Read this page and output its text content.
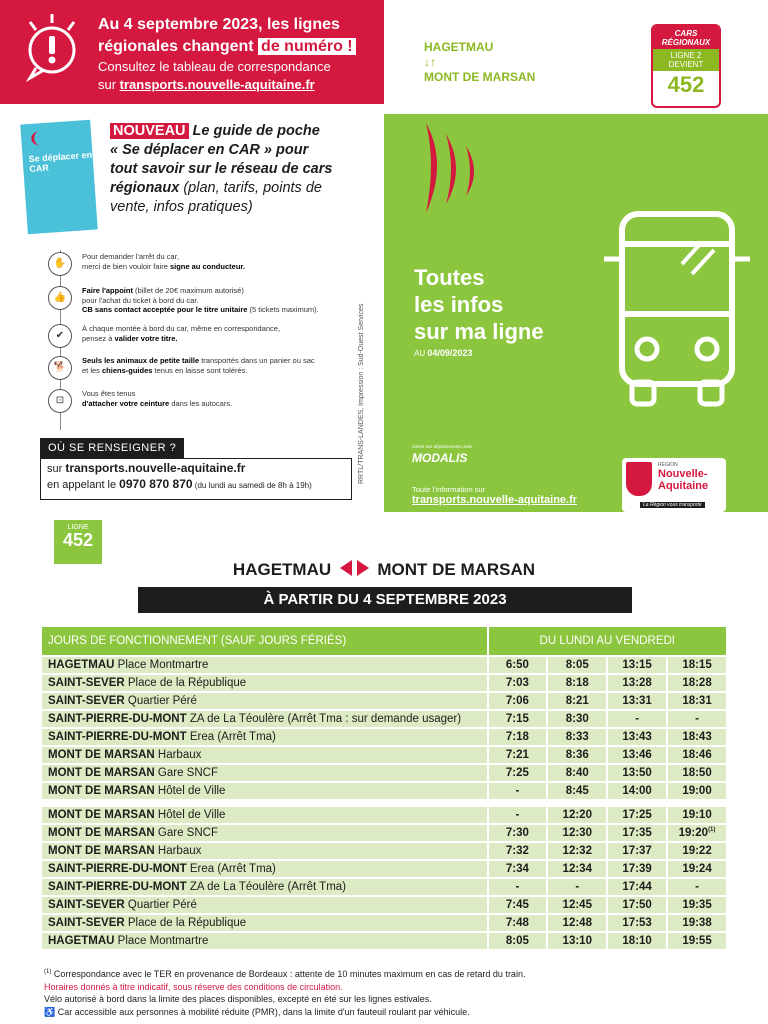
Au 4 septembre 2023, les lignes
régionales changent de numéro !
Consultez le tableau de correspondance
sur transports.nouvelle-aquitaine.fr
HAGETMAU
↓↑
MONT DE MARSAN
CARS
RÉGIONAUX
LIGNE 2
DEVIENT
452
Se déplacer en CAR
NOUVEAU Le guide de poche
« Se déplacer en CAR » pour
tout savoir sur le réseau de cars
régionaux (plan, tarifs, points de
vente, infos pratiques)
✋
Pour demander l'arrêt du car,
merci de bien vouloir faire signe au conducteur.
👍
Faire l'appoint (billet de 20€ maximum autorisé)
pour l'achat du ticket à bord du car.
CB sans contact acceptée pour le titre unitaire (5 tickets maximum).
✔
À chaque montée à bord du car, même en correspondance,
pensez à valider votre titre.
🐕
Seuls les animaux de petite taille transportés dans un panier ou sac
et les chiens-guides tenus en laisse sont tolérés.
⊡
Vous êtes tenus
d'attacher votre ceinture dans les autocars.
OÙ SE RENSEIGNER ?
sur transports.nouvelle-aquitaine.fr
en appelant le 0970 870 870 (du lundi au samedi de 8h à 19h)
RRTL/TRANS-LANDES, Impression : Sud-Ouest Services
Toutes
les infos
sur ma ligne
AU 04/09/2023
Gérez vos déplacements avec
MODALIS
Toute l'information sur
transports.nouvelle-aquitaine.fr
RÉGION
Nouvelle-
Aquitaine
La Région vous transporte
LIGNE
452
HAGETMAU	MONT DE MARSAN
À PARTIR DU 4 SEPTEMBRE 2023
JOURS DE FONCTIONNEMENT (SAUF JOURS FÉRIÉS)	DU LUNDI AU VENDREDI			
HAGETMAU Place Montmartre	6:50	8:05	13:15	18:15
SAINT-SEVER Place de la République	7:03	8:18	13:28	18:28
SAINT-SEVER Quartier Péré	7:06	8:21	13:31	18:31
SAINT-PIERRE-DU-MONT ZA de La Téoulère (Arrêt Tma : sur demande usager)	7:15	8:30	-	-
SAINT-PIERRE-DU-MONT Erea (Arrêt Tma)	7:18	8:33	13:43	18:43
MONT DE MARSAN Harbaux	7:21	8:36	13:46	18:46
MONT DE MARSAN Gare SNCF	7:25	8:40	13:50	18:50
MONT DE MARSAN Hôtel de Ville	-	8:45	14:00	19:00

MONT DE MARSAN Hôtel de Ville	-	12:20	17:25	19:10
MONT DE MARSAN Gare SNCF	7:30	12:30	17:35	19:20$^{(1)}$
MONT DE MARSAN Harbaux	7:32	12:32	17:37	19:22
SAINT-PIERRE-DU-MONT Erea (Arrêt Tma)	7:34	12:34	17:39	19:24
SAINT-PIERRE-DU-MONT ZA de La Téoulère (Arrêt Tma)	-	-	17:44	-
SAINT-SEVER Quartier Péré	7:45	12:45	17:50	19:35
SAINT-SEVER Place de la République	7:48	12:48	17:53	19:38
HAGETMAU Place Montmartre	8:05	13:10	18:10	19:55
$^{(1)}$ Correspondance avec le TER en provenance de Bordeaux : attente de 10 minutes maximum en cas de retard du train.
Horaires donnés à titre indicatif, sous réserve des conditions de circulation.
Vélo autorisé à bord dans la limite des places disponibles, excepté en été sur les lignes estivales.
♿ Car accessible aux personnes à mobilité réduite (PMR), dans la limite d'un fauteuil roulant par véhicule.
